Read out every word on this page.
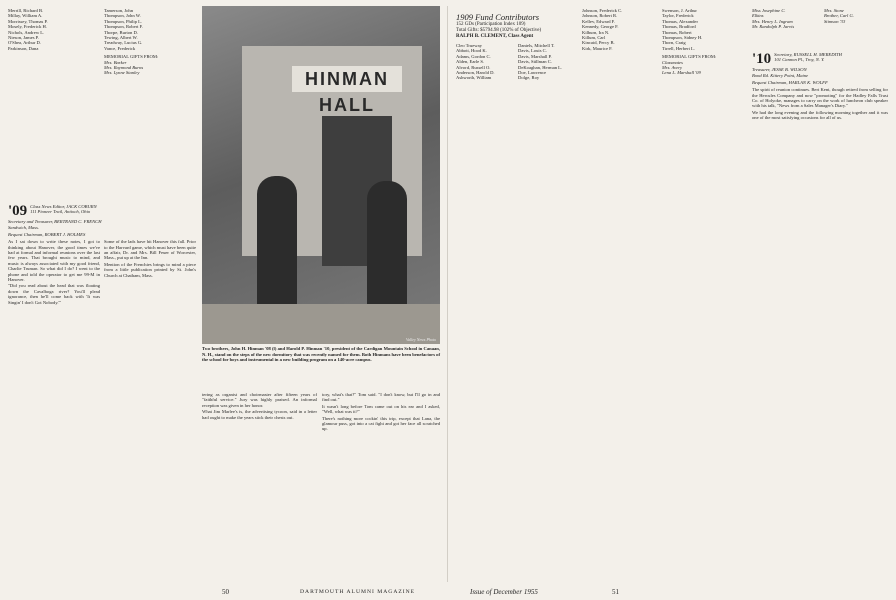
Merrill, Richard B.
Millay, William A.
Morrissey, Thomas P.
Mosely, Frederick H.
Nichols, Andrew L.
Nieson, James P.
O'Shea, Arthur D.
Parkinson, Dana
Tamerson, John
Thompson, John W.
Thompson, Philip L.
Thompson, Robert F.
Thorpe, Burton D.
Tewing, Albert W.
Treadway, Lucius G.
Vance, Frederick
MEMORIAL GIFTS FROM:
Mrs. Barker
Mrs. Raymond Burns
Mrs. Lynne Stanley
'09 Class News Editor, JACK COBURN
111 Pioneer Trail, Antioch, Ohio
Secretary and Treasurer, BERTRAND C. FRENCH
Sandwich, Mass.
Bequest Chairman, ROBERT J. HOLMES

As I sat down to write these notes, I got to thinking about Hanover, the good times we've had at formal and informal reunions over the last few years. That brought music to mind, and music is always associated with my good friend, Charlie Truman. So what did I do? I went to the phone and told the operator to get me 99-M in Hanover.

"Did you read about the head that was floating down the Cavalboga river? You'll plead ignorance, then he'll come back with 'It was Singin' I don't Got Nobody.'"

Some of the lads have hit Hanover this fall. Prior to the Harvard game, which must have been quite an affair, Dr. and Mrs. Bill Feuer of Worcester, Mass., put up at the Inn.

Mention of the Frenchies brings to mind a piece from a little publication printed by St. John's Church at Chatham, Mass.

HINMAN HALL
Valley News Photo
Two brothers, John H. Hinman '08 (l) and Harold P. Hinman '10, president of the Cardigan Mountain School in Canaan, N. H., stand on the steps of the new dormitory that was recently named for them. Both Hinmans have been benefactors of the school for boys and instrumental in a new building program on a 140-acre campus.

tering as organist and choirmaster after fifteen years of "faithful service." Jury was highly praised. An informal reception was given in her honor.

What Jim Marlee's is, the advertising tycoon, said in a letter had ought to make the years stick their chests out.

tory, what's that?" Tom said. "I don't know, but I'll go in and find out."

It wasn't long before Tom came out on his ear and I asked, "Well, what was it?"

There's nothing more cockin' this trip, except that Lana, the glamour puss, got into a cat fight and got her face all scratched up.

1909 Fund Contributors
152 GDs (Participation Index 109)
Total Gifts: $5794.98 (102% of Objective)
RALPH B. CLEMENT, Class Agent
Cleo Trueway
Abbott, Hood K.
Adams, Gordon C.
Alden, Earle S.
Alvord, Russell O.
Anderson, Harold D.
Ashworth, William
Daniels, Mitchell T.
Davis, Louis C.
Davis, Marshall P.
Davis, Stillman C.
DeKoaghan, Herman L.
Doe, Lawrence
Dolge, Roy
Johnson, Frederick C.
Johnson, Robert R.
Kellev, Edward F.
Kennedy, George F.
Kilburn, Ira N.
Killum, Carl
Kincaid, Percy B.
Kirk, Maurice F.
Swenson, J. Arthur
Taylor, Frederick
Thomas, Alexander
Thomas, Bradford
Thomas, Robert
Thompson, Sidney H.
Thorn, Craig
Tirrell, Herbert L.
MEMORIAL GIFTS FROM:
Classmates
Mrs. Avery
Lena L. Marshall '09
Miss Josephine C.
Elkins
Mrs. Henry L. Ingram
Mr. Randolph P. Jarvis
Mrs. Stone
Brother, Carl G.
Stimson '33
'10 Secretary, RUSSELL H. MEREDITH
101 Cannon Pl., Troy, N. Y.
Treasurer, JESSE B. WILSON
Bond Rd. Kittery Point, Maine
Bequest Chairman, HARLAN K. WOLFF

The spirit of reunion continues. Bert Kent, though retired from selling for the Hercules Company and now "promoting" for the Hadley Falls Trust Co. of Holyoke, manages to carry on the work of luncheon club speaker with his talk, "News from a Sales Manager's Diary."

We had the long evening and the following morning together and it was one of the most satisfying occasions for all of us.

50	DARTMOUTH ALUMNI MAGAZINE	Issue of December 1955	51
